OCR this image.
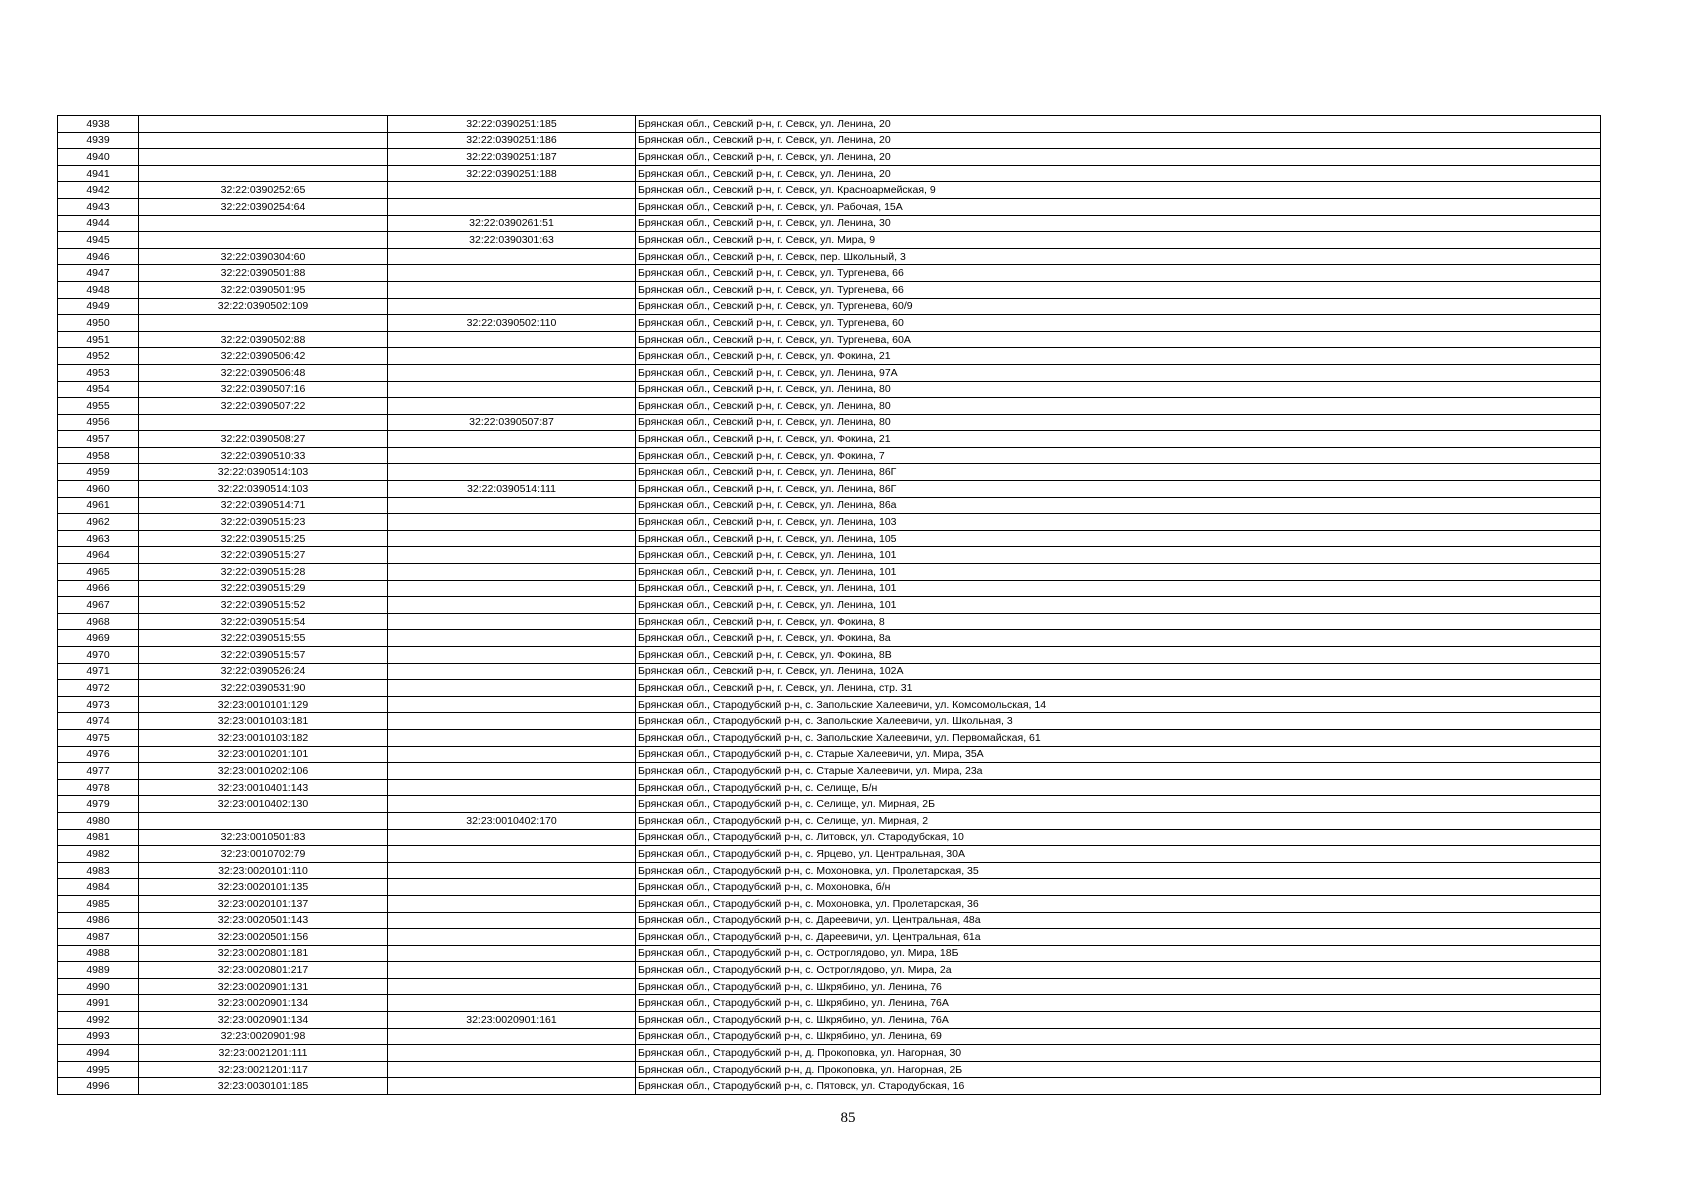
4938		32:22:0390251:185	Брянская обл., Севский р-н, г. Севск, ул. Ленина, 20
4939		32:22:0390251:186	Брянская обл., Севский р-н, г. Севск, ул. Ленина, 20
4940		32:22:0390251:187	Брянская обл., Севский р-н, г. Севск, ул. Ленина, 20
4941		32:22:0390251:188	Брянская обл., Севский р-н, г. Севск, ул. Ленина, 20
4942	32:22:0390252:65		Брянская обл., Севский р-н, г. Севск, ул. Красноармейская, 9
4943	32:22:0390254:64		Брянская обл., Севский р-н, г. Севск, ул. Рабочая, 15А
4944		32:22:0390261:51	Брянская обл., Севский р-н, г. Севск, ул. Ленина, 30
4945		32:22:0390301:63	Брянская обл., Севский р-н, г. Севск, ул. Мира, 9
4946	32:22:0390304:60		Брянская обл., Севский р-н, г. Севск, пер. Школьный, 3
4947	32:22:0390501:88		Брянская обл., Севский р-н, г. Севск, ул. Тургенева, 66
4948	32:22:0390501:95		Брянская обл., Севский р-н, г. Севск, ул. Тургенева, 66
4949	32:22:0390502:109		Брянская обл., Севский р-н, г. Севск, ул. Тургенева, 60/9
4950		32:22:0390502:110	Брянская обл., Севский р-н, г. Севск, ул. Тургенева, 60
4951	32:22:0390502:88		Брянская обл., Севский р-н, г. Севск, ул. Тургенева, 60А
4952	32:22:0390506:42		Брянская обл., Севский р-н, г. Севск, ул. Фокина, 21
4953	32:22:0390506:48		Брянская обл., Севский р-н, г. Севск, ул. Ленина, 97А
4954	32:22:0390507:16		Брянская обл., Севский р-н, г. Севск, ул. Ленина, 80
4955	32:22:0390507:22		Брянская обл., Севский р-н, г. Севск, ул. Ленина, 80
4956		32:22:0390507:87	Брянская обл., Севский р-н, г. Севск, ул. Ленина, 80
4957	32:22:0390508:27		Брянская обл., Севский р-н, г. Севск, ул. Фокина, 21
4958	32:22:0390510:33		Брянская обл., Севский р-н, г. Севск, ул. Фокина, 7
4959	32:22:0390514:103		Брянская обл., Севский р-н, г. Севск, ул. Ленина, 86Г
4960	32:22:0390514:103	32:22:0390514:111	Брянская обл., Севский р-н, г. Севск, ул. Ленина, 86Г
4961	32:22:0390514:71		Брянская обл., Севский р-н, г. Севск, ул. Ленина, 86а
4962	32:22:0390515:23		Брянская обл., Севский р-н, г. Севск, ул. Ленина, 103
4963	32:22:0390515:25		Брянская обл., Севский р-н, г. Севск, ул. Ленина, 105
4964	32:22:0390515:27		Брянская обл., Севский р-н, г. Севск, ул. Ленина, 101
4965	32:22:0390515:28		Брянская обл., Севский р-н, г. Севск, ул. Ленина, 101
4966	32:22:0390515:29		Брянская обл., Севский р-н, г. Севск, ул. Ленина, 101
4967	32:22:0390515:52		Брянская обл., Севский р-н, г. Севск, ул. Ленина, 101
4968	32:22:0390515:54		Брянская обл., Севский р-н, г. Севск, ул. Фокина, 8
4969	32:22:0390515:55		Брянская обл., Севский р-н, г. Севск, ул. Фокина, 8а
4970	32:22:0390515:57		Брянская обл., Севский р-н, г. Севск, ул. Фокина, 8В
4971	32:22:0390526:24		Брянская обл., Севский р-н, г. Севск, ул. Ленина, 102А
4972	32:22:0390531:90		Брянская обл., Севский р-н, г. Севск, ул. Ленина, стр. 31
4973	32:23:0010101:129		Брянская обл., Стародубский р-н, с. Запольские Халеевичи, ул. Комсомольская, 14
4974	32:23:0010103:181		Брянская обл., Стародубский р-н, с. Запольские Халеевичи, ул. Школьная, 3
4975	32:23:0010103:182		Брянская обл., Стародубский р-н, с. Запольские Халеевичи, ул. Первомайская, 61
4976	32:23:0010201:101		Брянская обл., Стародубский р-н, с. Старые Халеевичи, ул. Мира, 35А
4977	32:23:0010202:106		Брянская обл., Стародубский р-н, с. Старые Халеевичи, ул. Мира, 23а
4978	32:23:0010401:143		Брянская обл., Стародубский р-н, с. Селище, Б/н
4979	32:23:0010402:130		Брянская обл., Стародубский р-н, с. Селище, ул. Мирная, 2Б
4980		32:23:0010402:170	Брянская обл., Стародубский р-н, с. Селище, ул. Мирная, 2
4981	32:23:0010501:83		Брянская обл., Стародубский р-н, с. Литовск, ул. Стародубская, 10
4982	32:23:0010702:79		Брянская обл., Стародубский р-н, с. Ярцево, ул. Центральная, 30А
4983	32:23:0020101:110		Брянская обл., Стародубский р-н, с. Мохоновка, ул. Пролетарская, 35
4984	32:23:0020101:135		Брянская обл., Стародубский р-н, с. Мохоновка, б/н
4985	32:23:0020101:137		Брянская обл., Стародубский р-н, с. Мохоновка, ул. Пролетарская, 36
4986	32:23:0020501:143		Брянская обл., Стародубский р-н, с. Дареевичи, ул. Центральная, 48а
4987	32:23:0020501:156		Брянская обл., Стародубский р-н, с. Дареевичи, ул. Центральная, 61а
4988	32:23:0020801:181		Брянская обл., Стародубский р-н, с. Остроглядово, ул. Мира, 18Б
4989	32:23:0020801:217		Брянская обл., Стародубский р-н, с. Остроглядово, ул. Мира, 2а
4990	32:23:0020901:131		Брянская обл., Стародубский р-н, с. Шкрябино, ул. Ленина, 76
4991	32:23:0020901:134		Брянская обл., Стародубский р-н, с. Шкрябино, ул. Ленина, 76А
4992	32:23:0020901:134	32:23:0020901:161	Брянская обл., Стародубский р-н, с. Шкрябино, ул. Ленина, 76А
4993	32:23:0020901:98		Брянская обл., Стародубский р-н, с. Шкрябино, ул. Ленина, 69
4994	32:23:0021201:111		Брянская обл., Стародубский р-н, д. Прокоповка, ул. Нагорная, 30
4995	32:23:0021201:117		Брянская обл., Стародубский р-н, д. Прокоповка, ул. Нагорная, 2Б
4996	32:23:0030101:185		Брянская обл., Стародубский р-н, с. Пятовск, ул. Стародубская, 16
85
